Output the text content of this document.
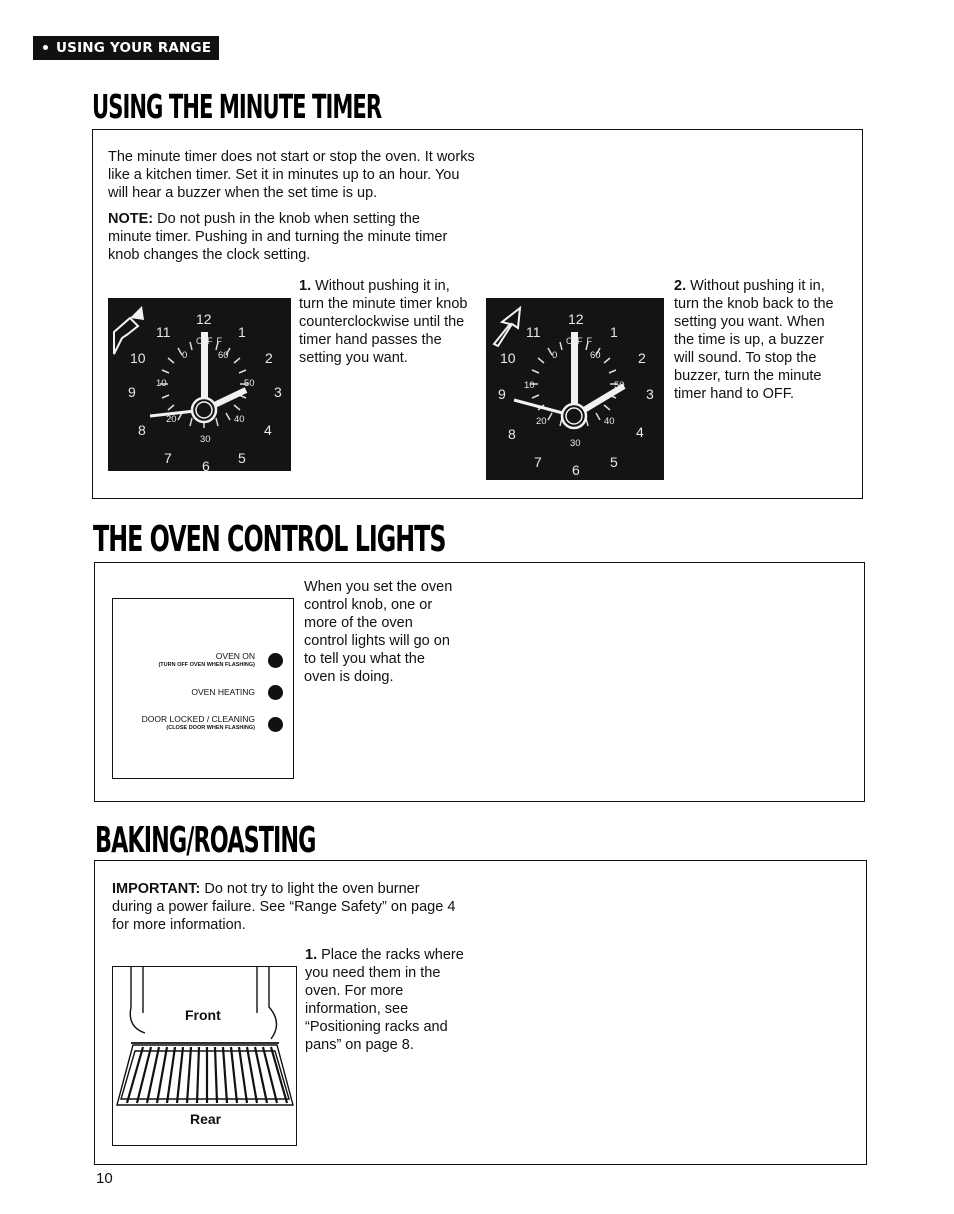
USING YOUR RANGE
USING THE MINUTE TIMER
The minute timer does not start or stop the oven. It works like a kitchen timer. Set it in minutes up to an hour. You will hear a buzzer when the set time is up.
NOTE: Do not push in the knob when setting the minute timer. Pushing in and turning the minute timer knob changes the clock setting.
12
1
2
3
4
5
6
7
8
9
10
11
0	60
50
40
30
20
10
OFF
1. Without pushing it in, turn the minute timer knob counterclockwise until the timer hand passes the setting you want.
12
1
2
3
4
5
6
7
8
9
10
11
0	60
50
40
30
20
10
OFF
2. Without pushing it in, turn the knob back to the setting you want. When the time is up, a buzzer will sound. To stop the buzzer, turn the minute timer hand to OFF.
THE OVEN CONTROL LIGHTS
OVEN ON
(TURN OFF OVEN WHEN FLASHING)
OVEN HEATING
DOOR LOCKED / CLEANING
(CLOSE DOOR WHEN FLASHING)
When you set the oven control knob, one or more of the oven control lights will go on to tell you what the oven is doing.
BAKING/ROASTING
IMPORTANT: Do not try to light the oven burner during a power failure. See “Range Safety” on page 4 for more information.
Front
Rear
1. Place the racks where you need them in the oven. For more information, see “Positioning racks and pans” on page 8.
10
